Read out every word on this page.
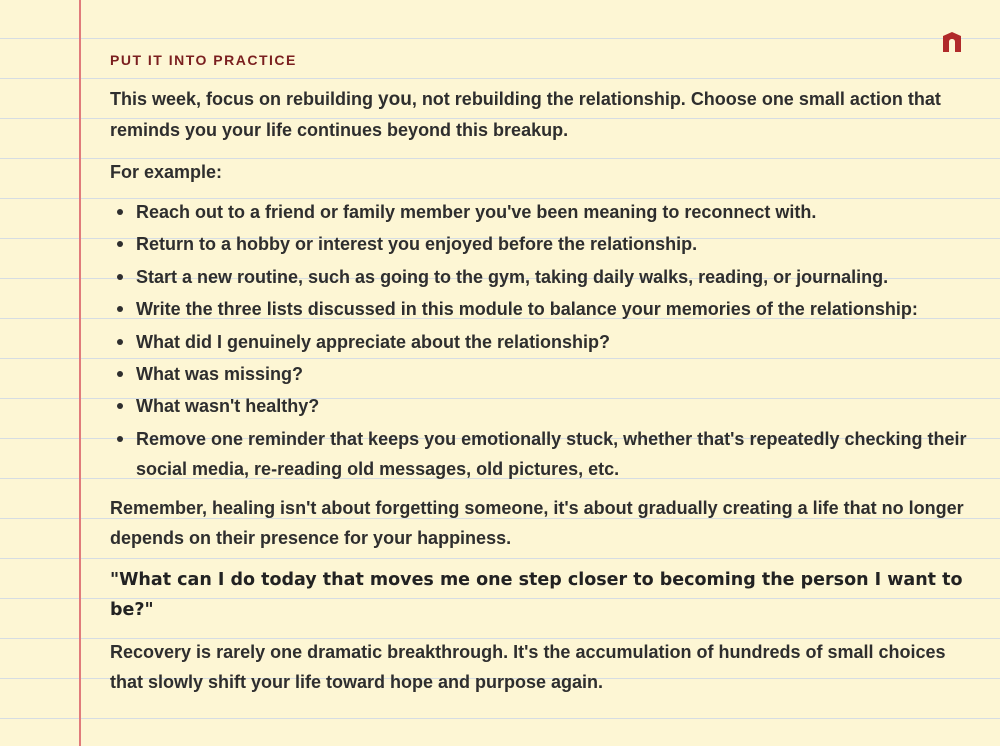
PUT IT INTO PRACTICE

This week, focus on rebuilding you, not rebuilding the relationship. Choose one small action that reminds you your life continues beyond this breakup.

For example:

Reach out to a friend or family member you've been meaning to reconnect with.
Return to a hobby or interest you enjoyed before the relationship.
Start a new routine, such as going to the gym, taking daily walks, reading, or journaling.
Write the three lists discussed in this module to balance your memories of the relationship:
What did I genuinely appreciate about the relationship?
What was missing?
What wasn't healthy?
Remove one reminder that keeps you emotionally stuck, whether that's repeatedly checking their social media, re-reading old messages, old pictures, etc.

Remember, healing isn't about forgetting someone, it's about gradually creating a life that no longer depends on their presence for your happiness.

"What can I do today that moves me one step closer to becoming the person I want to be?"

Recovery is rarely one dramatic breakthrough. It's the accumulation of hundreds of small choices that slowly shift your life toward hope and purpose again.
